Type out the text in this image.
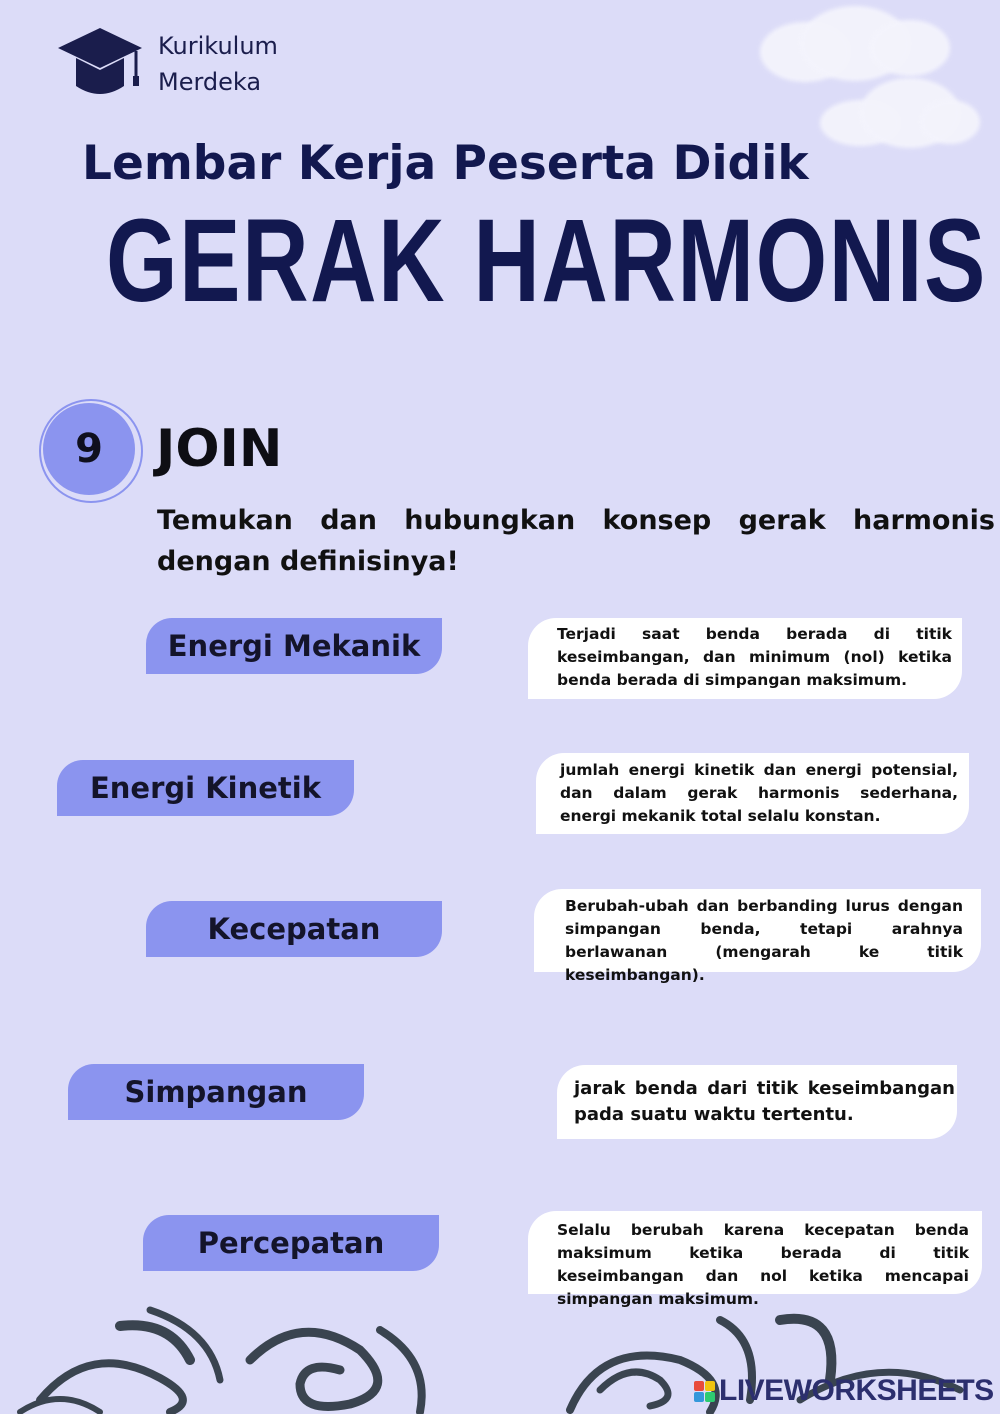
Kurikulum
Merdeka
Lembar Kerja Peserta Didik
GERAK HARMONIS
9	JOIN
Temukan dan hubungkan konsep gerak harmonis dengan definisinya!
Energi Mekanik
Energi Kinetik
Kecepatan
Simpangan
Percepatan
Terjadi saat benda berada di titik keseimbangan, dan minimum (nol) ketika benda berada di simpangan maksimum.
jumlah energi kinetik dan energi potensial, dan dalam gerak harmonis sederhana, energi mekanik total selalu konstan.
Berubah-ubah dan berbanding lurus dengan simpangan benda, tetapi arahnya berlawanan (mengarah ke titik keseimbangan).
jarak benda dari titik keseimbangan pada suatu waktu tertentu.
Selalu berubah karena kecepatan benda maksimum ketika berada di titik keseimbangan dan nol ketika mencapai simpangan maksimum.
LIVEWORKSHEETS
